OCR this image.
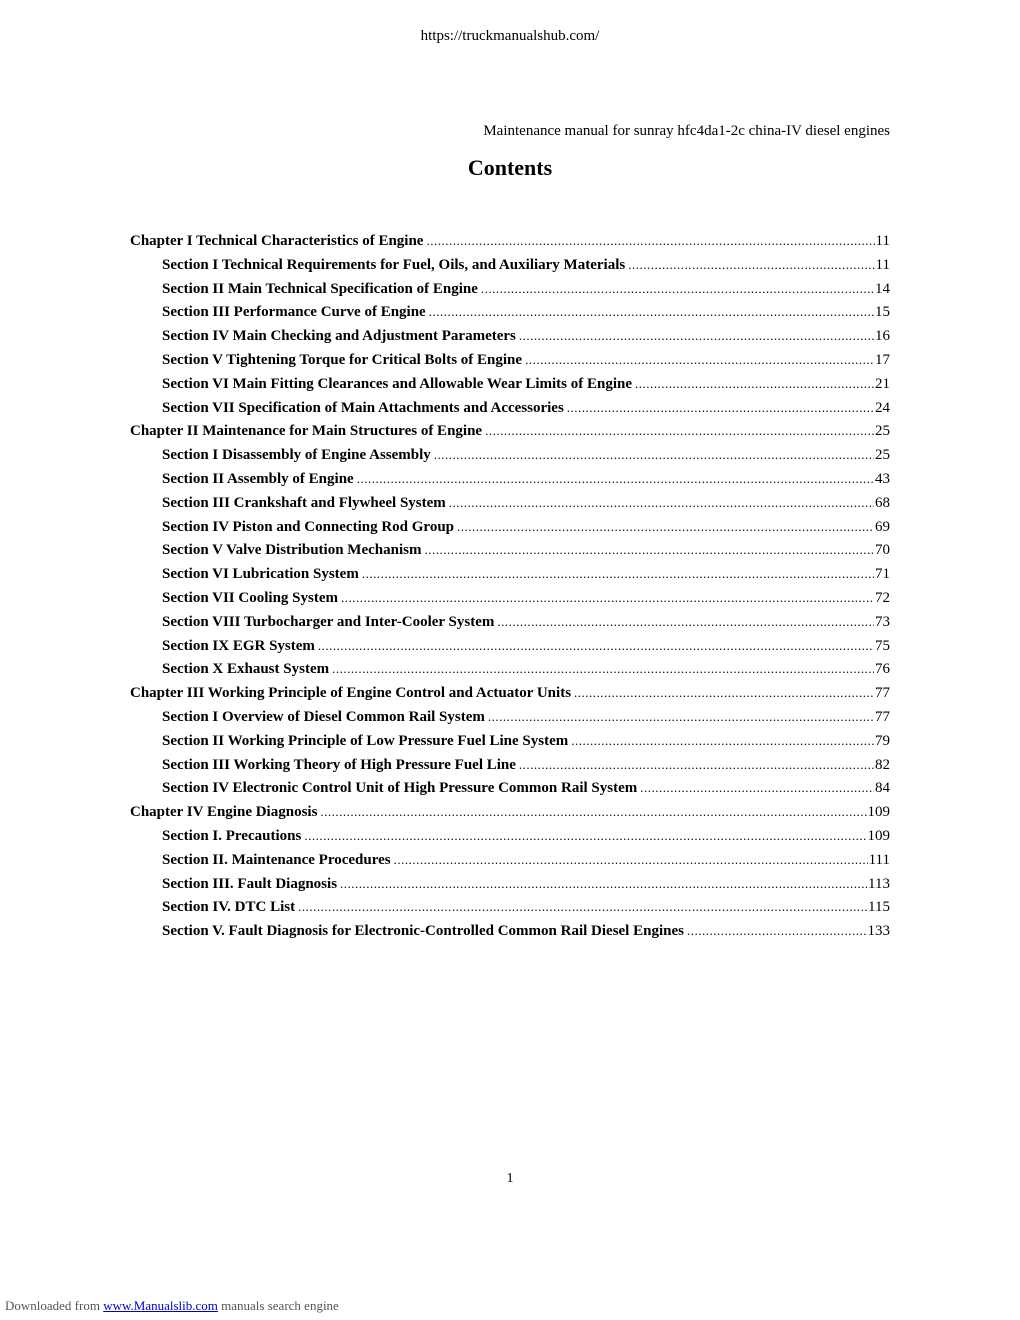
https://truckmanualshub.com/
Maintenance manual for sunray hfc4da1-2c china-IV diesel engines
Contents
Chapter I Technical Characteristics of Engine .....	11
Section I Technical Requirements for Fuel, Oils, and Auxiliary Materials .....	11
Section II Main Technical Specification of Engine .....	14
Section III Performance Curve of Engine .....	15
Section IV Main Checking and Adjustment Parameters .....	16
Section V Tightening Torque for Critical Bolts of Engine .....	17
Section VI Main Fitting Clearances and Allowable Wear Limits of Engine .....	21
Section VII Specification of Main Attachments and Accessories .....	24
Chapter II Maintenance for Main Structures of Engine .....	25
Section I Disassembly of Engine Assembly .....	25
Section II Assembly of Engine .....	43
Section III Crankshaft and Flywheel System .....	68
Section IV Piston and Connecting Rod Group .....	69
Section V Valve Distribution Mechanism .....	70
Section VI Lubrication System .....	71
Section VII Cooling System .....	72
Section VIII Turbocharger and Inter-Cooler System .....	73
Section IX EGR System .....	75
Section X Exhaust System .....	76
Chapter III Working Principle of Engine Control and Actuator Units .....	77
Section I Overview of Diesel Common Rail System .....	77
Section II Working Principle of Low Pressure Fuel Line System .....	79
Section III Working Theory of High Pressure Fuel Line .....	82
Section IV Electronic Control Unit of High Pressure Common Rail System .....	84
Chapter IV Engine Diagnosis .....	109
Section I. Precautions .....	109
Section II. Maintenance Procedures .....	111
Section III. Fault Diagnosis .....	113
Section IV. DTC List .....	115
Section V. Fault Diagnosis for Electronic-Controlled Common Rail Diesel Engines .....	133
1
Downloaded from www.Manualslib.com manuals search engine
